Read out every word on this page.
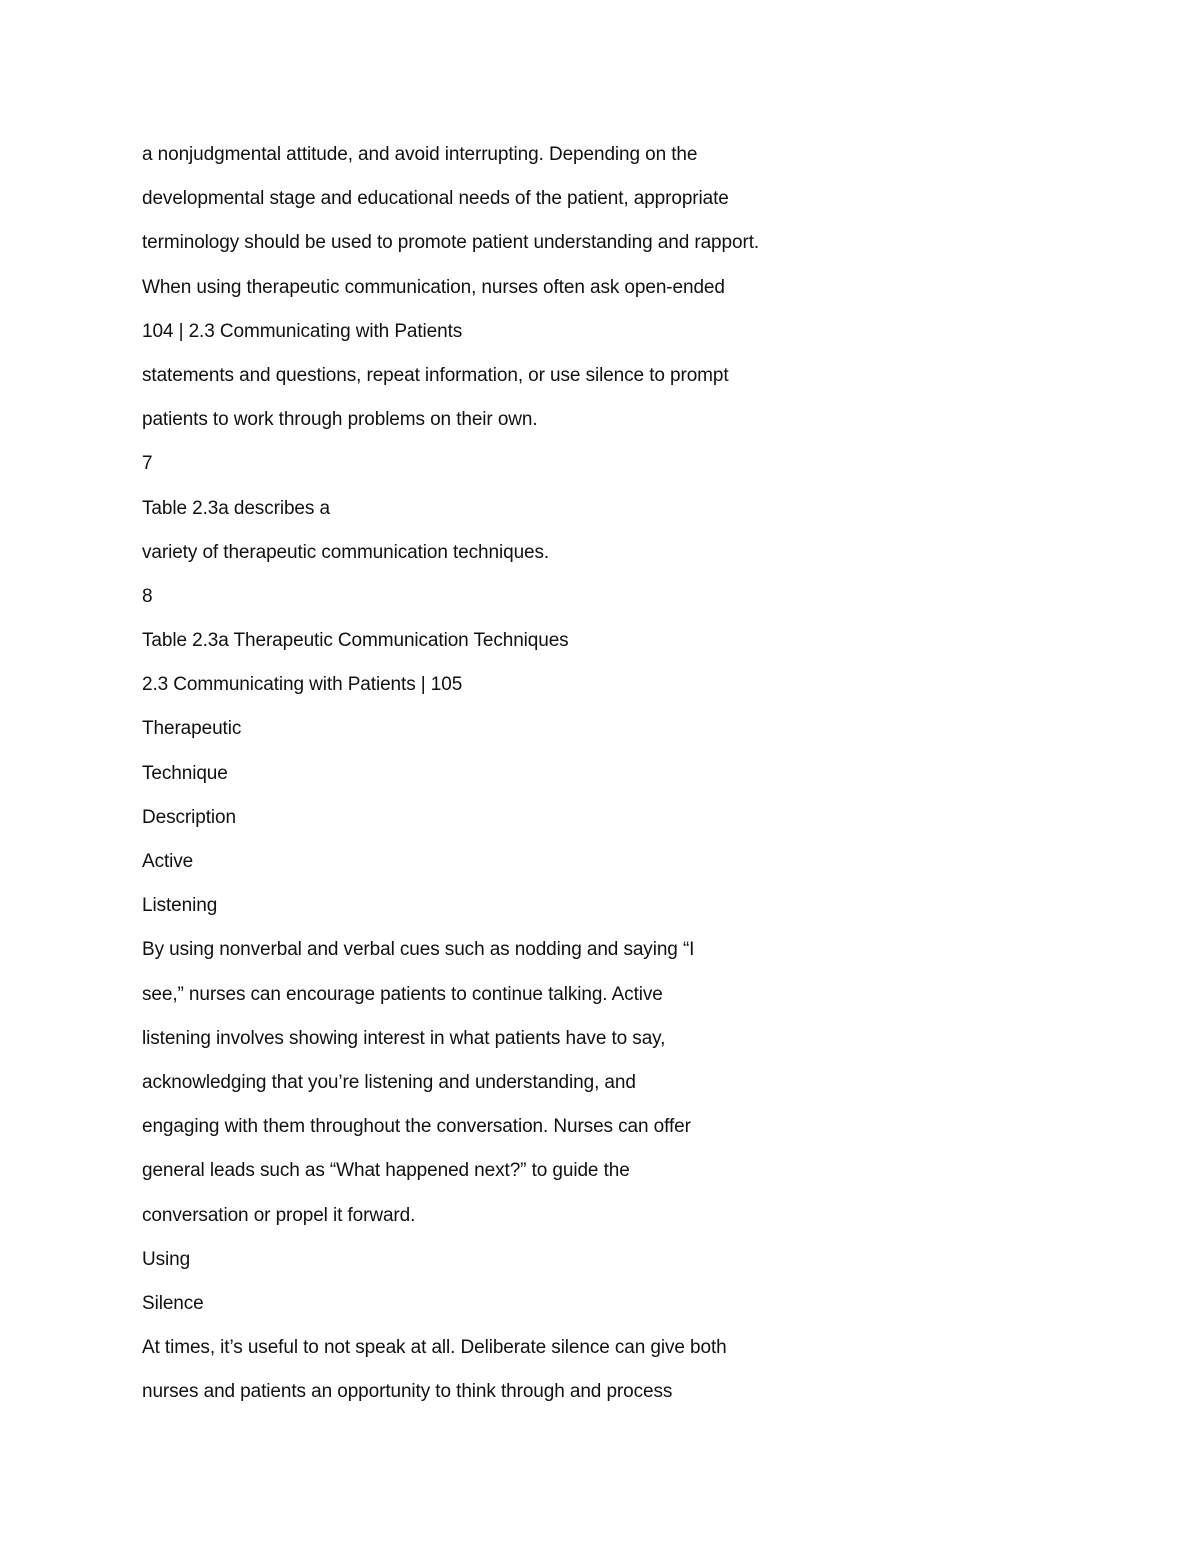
a nonjudgmental attitude, and avoid interrupting. Depending on the
developmental stage and educational needs of the patient, appropriate
terminology should be used to promote patient understanding and rapport.
When using therapeutic communication, nurses often ask open-ended
104 | 2.3 Communicating with Patients
statements and questions, repeat information, or use silence to prompt
patients to work through problems on their own.
7
Table 2.3a describes a
variety of therapeutic communication techniques.
8
Table 2.3a Therapeutic Communication Techniques
2.3 Communicating with Patients | 105
Therapeutic
Technique
Description
Active
Listening
By using nonverbal and verbal cues such as nodding and saying “I
see,” nurses can encourage patients to continue talking. Active
listening involves showing interest in what patients have to say,
acknowledging that you’re listening and understanding, and
engaging with them throughout the conversation. Nurses can offer
general leads such as “What happened next?” to guide the
conversation or propel it forward.
Using
Silence
At times, it’s useful to not speak at all. Deliberate silence can give both
nurses and patients an opportunity to think through and process
